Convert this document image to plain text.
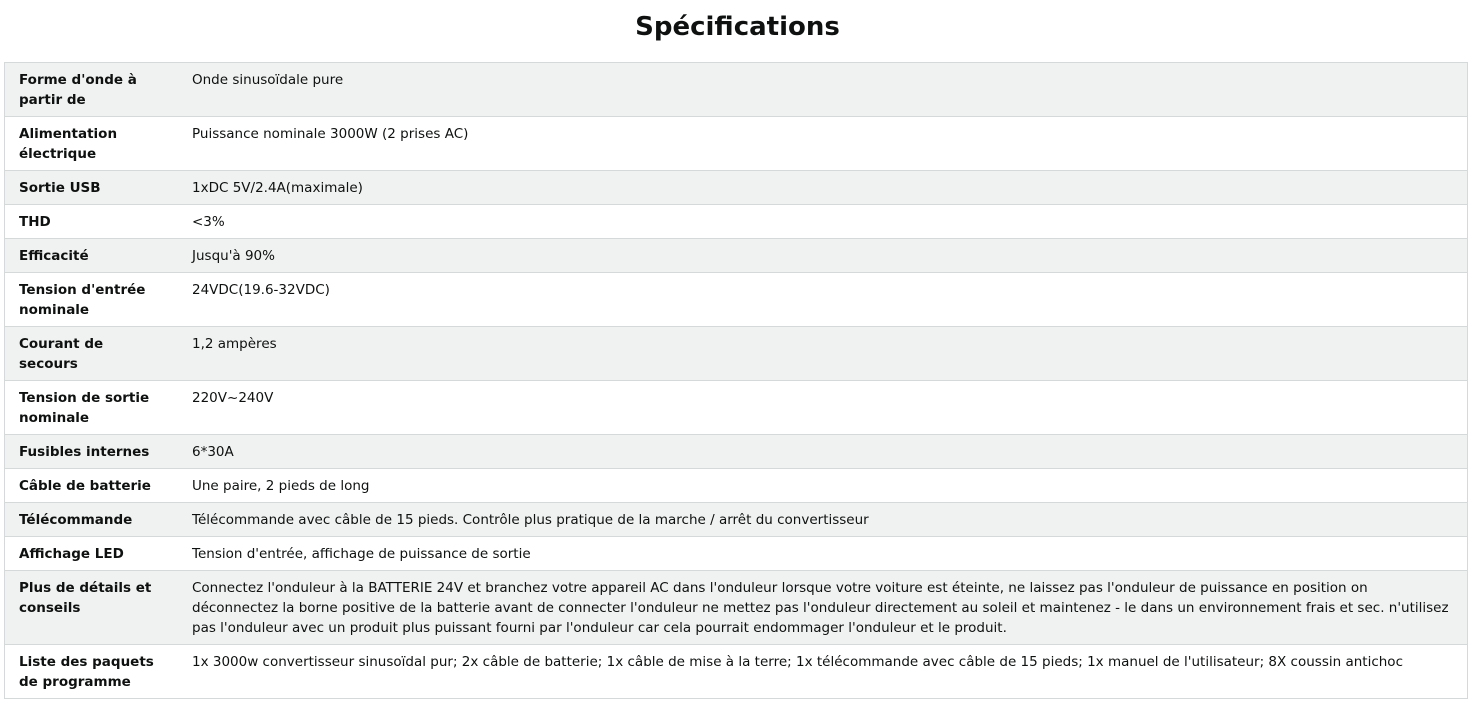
Spécifications
Forme d'onde à partir de	Onde sinusoïdale pure
Alimentation électrique	Puissance nominale 3000W (2 prises AC)
Sortie USB	1xDC 5V/2.4A(maximale)
THD	<3%
Efficacité	Jusqu'à 90%
Tension d'entrée nominale	24VDC(19.6-32VDC)
Courant de secours	1,2 ampères
Tension de sortie nominale	220V~240V
Fusibles internes	6*30A
Câble de batterie	Une paire, 2 pieds de long
Télécommande	Télécommande avec câble de 15 pieds. Contrôle plus pratique de la marche / arrêt du convertisseur
Affichage LED	Tension d'entrée, affichage de puissance de sortie
Plus de détails et conseils	Connectez l'onduleur à la BATTERIE 24V et branchez votre appareil AC dans l'onduleur lorsque votre voiture est éteinte, ne laissez pas l'onduleur de puissance en position on déconnectez la borne positive de la batterie avant de connecter l'onduleur ne mettez pas l'onduleur directement au soleil et maintenez - le dans un environnement frais et sec. n'utilisez pas l'onduleur avec un produit plus puissant fourni par l'onduleur car cela pourrait endommager l'onduleur et le produit.
Liste des paquets de programme	1x 3000w convertisseur sinusoïdal pur; 2x câble de batterie; 1x câble de mise à la terre; 1x télécommande avec câble de 15 pieds; 1x manuel de l'utilisateur; 8X coussin antichoc
